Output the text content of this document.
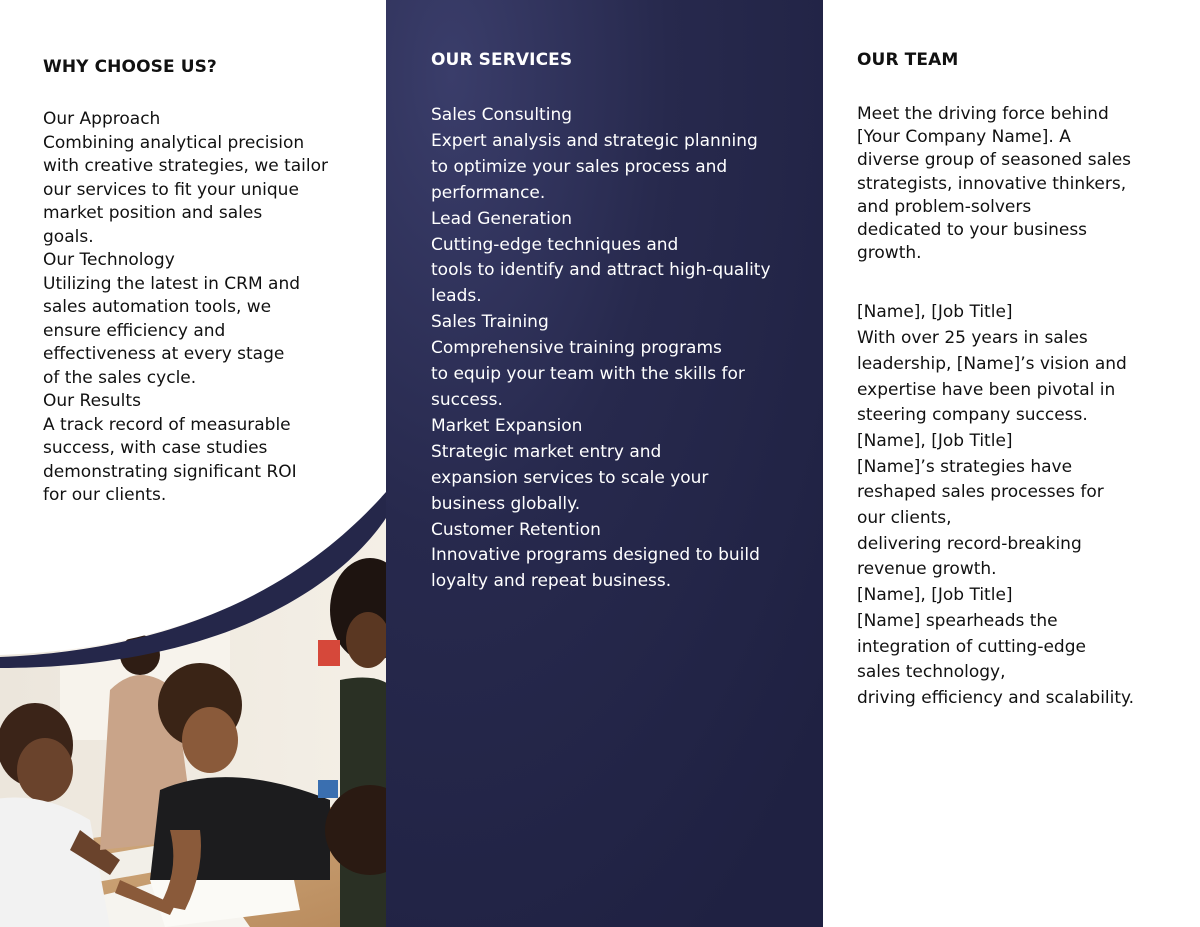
WHY CHOOSE US?
Our Approach
Combining analytical precision
with creative strategies, we tailor
our services to fit your unique
market position and sales
goals.
Our Technology
Utilizing the latest in CRM and
sales automation tools, we
ensure efficiency and
effectiveness at every stage
of the sales cycle.
Our Results
A track record of measurable
success, with case studies
demonstrating significant ROI
for our clients.
OUR SERVICES
Sales Consulting
Expert analysis and strategic planning
to optimize your sales process and
performance.
Lead Generation
Cutting-edge techniques and
tools to identify and attract high-quality
leads.
Sales Training
Comprehensive training programs
to equip your team with the skills for
success.
Market Expansion
Strategic market entry and
expansion services to scale your
business globally.
Customer Retention
Innovative programs designed to build
loyalty and repeat business.
OUR TEAM
Meet the driving force behind
[Your Company Name]. A
diverse group of seasoned sales
strategists, innovative thinkers,
and problem-solvers
dedicated to your business
growth.
[Name], [Job Title]
With over 25 years in sales
leadership, [Name]’s vision and
expertise have been pivotal in
steering company success.
[Name], [Job Title]
[Name]’s strategies have
reshaped sales processes for
our clients,
delivering record-breaking
revenue growth.
[Name], [Job Title]
[Name] spearheads the
integration of cutting-edge
sales technology,
driving efficiency and scalability.
